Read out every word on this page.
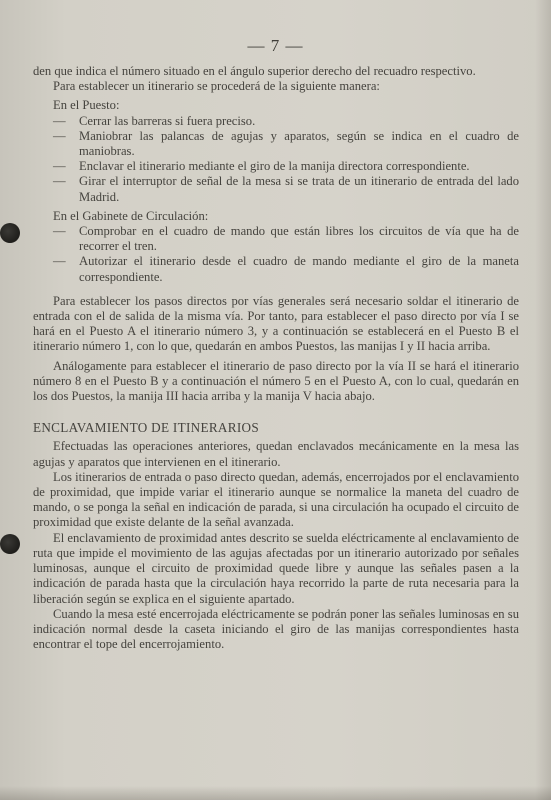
— 7 —

den que indica el número situado en el ángulo superior derecho del recuadro respectivo.

Para establecer un itinerario se procederá de la siguiente manera:

En el Puesto:

— Cerrar las barreras si fuera preciso.
— Maniobrar las palancas de agujas y aparatos, según se indica en el cuadro de maniobras.
— Enclavar el itinerario mediante el giro de la manija directora correspondiente.
— Girar el interruptor de señal de la mesa si se trata de un itinerario de entrada del lado Madrid.

En el Gabinete de Circulación:

— Comprobar en el cuadro de mando que están libres los circuitos de vía que ha de recorrer el tren.
— Autorizar el itinerario desde el cuadro de mando mediante el giro de la maneta correspondiente.

Para establecer los pasos directos por vías generales será necesario soldar el itinerario de entrada con el de salida de la misma vía. Por tanto, para establecer el paso directo por vía I se hará en el Puesto A el itinerario número 3, y a continuación se establecerá en el Puesto B el itinerario número 1, con lo que, quedarán en ambos Puestos, las manijas I y II hacia arriba.

Análogamente para establecer el itinerario de paso directo por la vía II se hará el itinerario número 8 en el Puesto B y a continuación el número 5 en el Puesto A, con lo cual, quedarán en los dos Puestos, la manija III hacia arriba y la manija V hacia abajo.

ENCLAVAMIENTO DE ITINERARIOS

Efectuadas las operaciones anteriores, quedan enclavados mecánicamente en la mesa las agujas y aparatos que intervienen en el itinerario.

Los itinerarios de entrada o paso directo quedan, además, encerrojados por el enclavamiento de proximidad, que impide variar el itinerario aunque se normalice la maneta del cuadro de mando, o se ponga la señal en indicación de parada, si una circulación ha ocupado el circuito de proximidad que existe delante de la señal avanzada.

El enclavamiento de proximidad antes descrito se suelda eléctricamente al enclavamiento de ruta que impide el movimiento de las agujas afectadas por un itinerario autorizado por señales luminosas, aunque el circuito de proximidad quede libre y aunque las señales pasen a la indicación de parada hasta que la circulación haya recorrido la parte de ruta necesaria para la liberación según se explica en el siguiente apartado.

Cuando la mesa esté encerrojada eléctricamente se podrán poner las señales luminosas en su indicación normal desde la caseta iniciando el giro de las manijas correspondientes hasta encontrar el tope del encerrojamiento.
